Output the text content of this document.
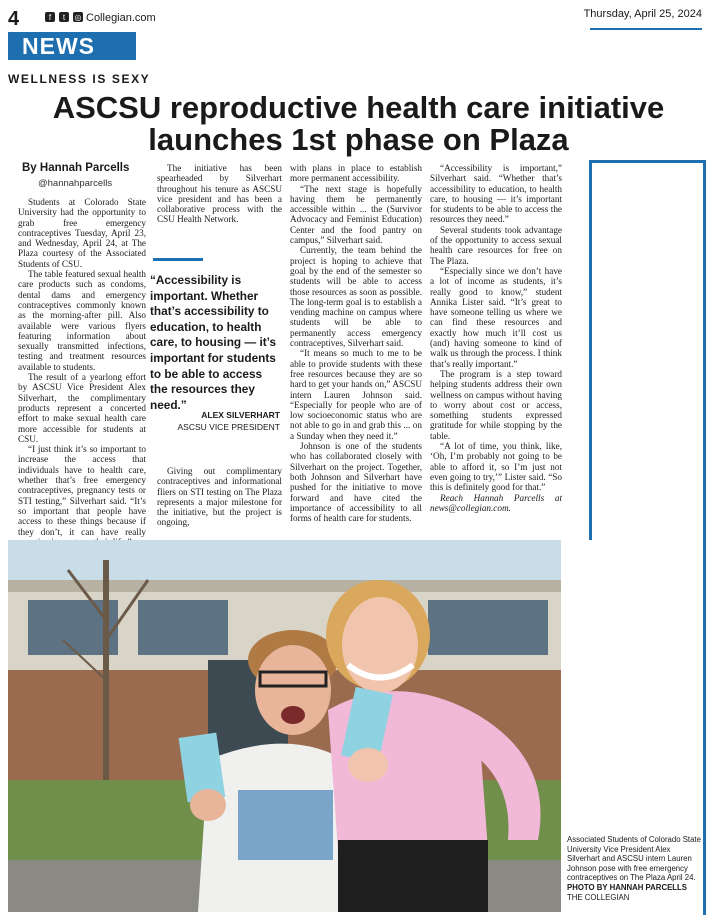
4	f	t	◎ Collegian.com	Thursday, April 25, 2024
NEWS
WELLNESS IS SEXY
ASCSU reproductive health care initiative
launches 1st phase on Plaza
By Hannah Parcells
@hannahparcells

Students at Colorado State University had the opportunity to grab free emergency contraceptives Tuesday, April 23, and Wednesday, April 24, at The Plaza courtesy of the Associated Students of CSU.

The table featured sexual health care products such as condoms, dental dams and emergency contraceptives commonly known as the morning-after pill. Also available were various flyers featuring information about sexually transmitted infections, testing and treatment resources available to students.

The result of a yearlong effort by ASCSU Vice President Alex Silverhart, the complimentary products represent a concerted effort to make sexual health care more accessible for students at CSU.

“I just think it’s so important to increase the access that individuals have to health care, whether that’s free emergency contraceptives, pregnancy tests or STI testing,” Silverhart said. “It’s so important that people have access to these things because if they don’t, it can have really

The initiative has been spearheaded by Silverhart throughout his tenure as ASCSU vice president and has been a collaborative process with the CSU Health Network.

“Accessibility is important. Whether that’s accessibility to education, to health care, to housing — it’s important for students to be able to access the resources they need.”
ALEX SILVERHART
ASCSU VICE PRESIDENT

Giving out complimentary contraceptives and informational fliers on STI testing on The Plaza represents a major milestone for the initiative, but the project is ongoing,

with plans in place to establish more permanent accessibility.

“The next stage is hopefully having them be permanently accessible within ... the (Survivor Advocacy and Feminist Education) Center and the food pantry on campus,” Silverhart said.

Currently, the team behind the project is hoping to achieve that goal by the end of the semester so students will be able to access those resources as soon as possible. The long-term goal is to establish a vending machine on campus where students will be able to permanently access emergency contraceptives, Silverhart said.

“It means so much to me to be able to provide students with these free resources because they are so hard to get your hands on,” ASCSU intern Lauren Johnson said. “Especially for people who are of low socioeconomic status who are not able to go in and grab this ... on a Sunday when they need it.”

Johnson is one of the students who has collaborated closely with Silverhart on the project. Together, both Johnson and Silverhart have pushed for the initiative to move forward and have cited the importance of accessibility to all forms of health care for students.

“Accessibility is important,” Silverhart said. “Whether that’s accessibility to education, to health care, to housing — it’s important for students to be able to access the resources they need.”

Several students took advantage of the opportunity to access sexual health care resources for free on The Plaza.

“Especially since we don’t have a lot of income as students, it’s really good to know,” student Annika Lister said. “It’s great to have someone telling us where we can find these resources and exactly how much it’ll cost us (and) having someone to kind of walk us through the process. I think that’s really important.”

The program is a step toward helping students address their own wellness on campus without having to worry about cost or access, something students expressed gratitude for while stopping by the table.

“A lot of time, you think, like, ‘Oh, I’m probably not going to be able to afford it, so I’m just not even going to try,’” Lister said. “So this is definitely good for that.”

Reach Hannah Parcells at news@collegian.com.

Associated Students of Colorado State University Vice President Alex Silverhart and ASCSU intern Lauren Johnson pose with free emergency contraceptives on The Plaza April 24.
PHOTO BY HANNAH PARCELLS
THE COLLEGIAN
